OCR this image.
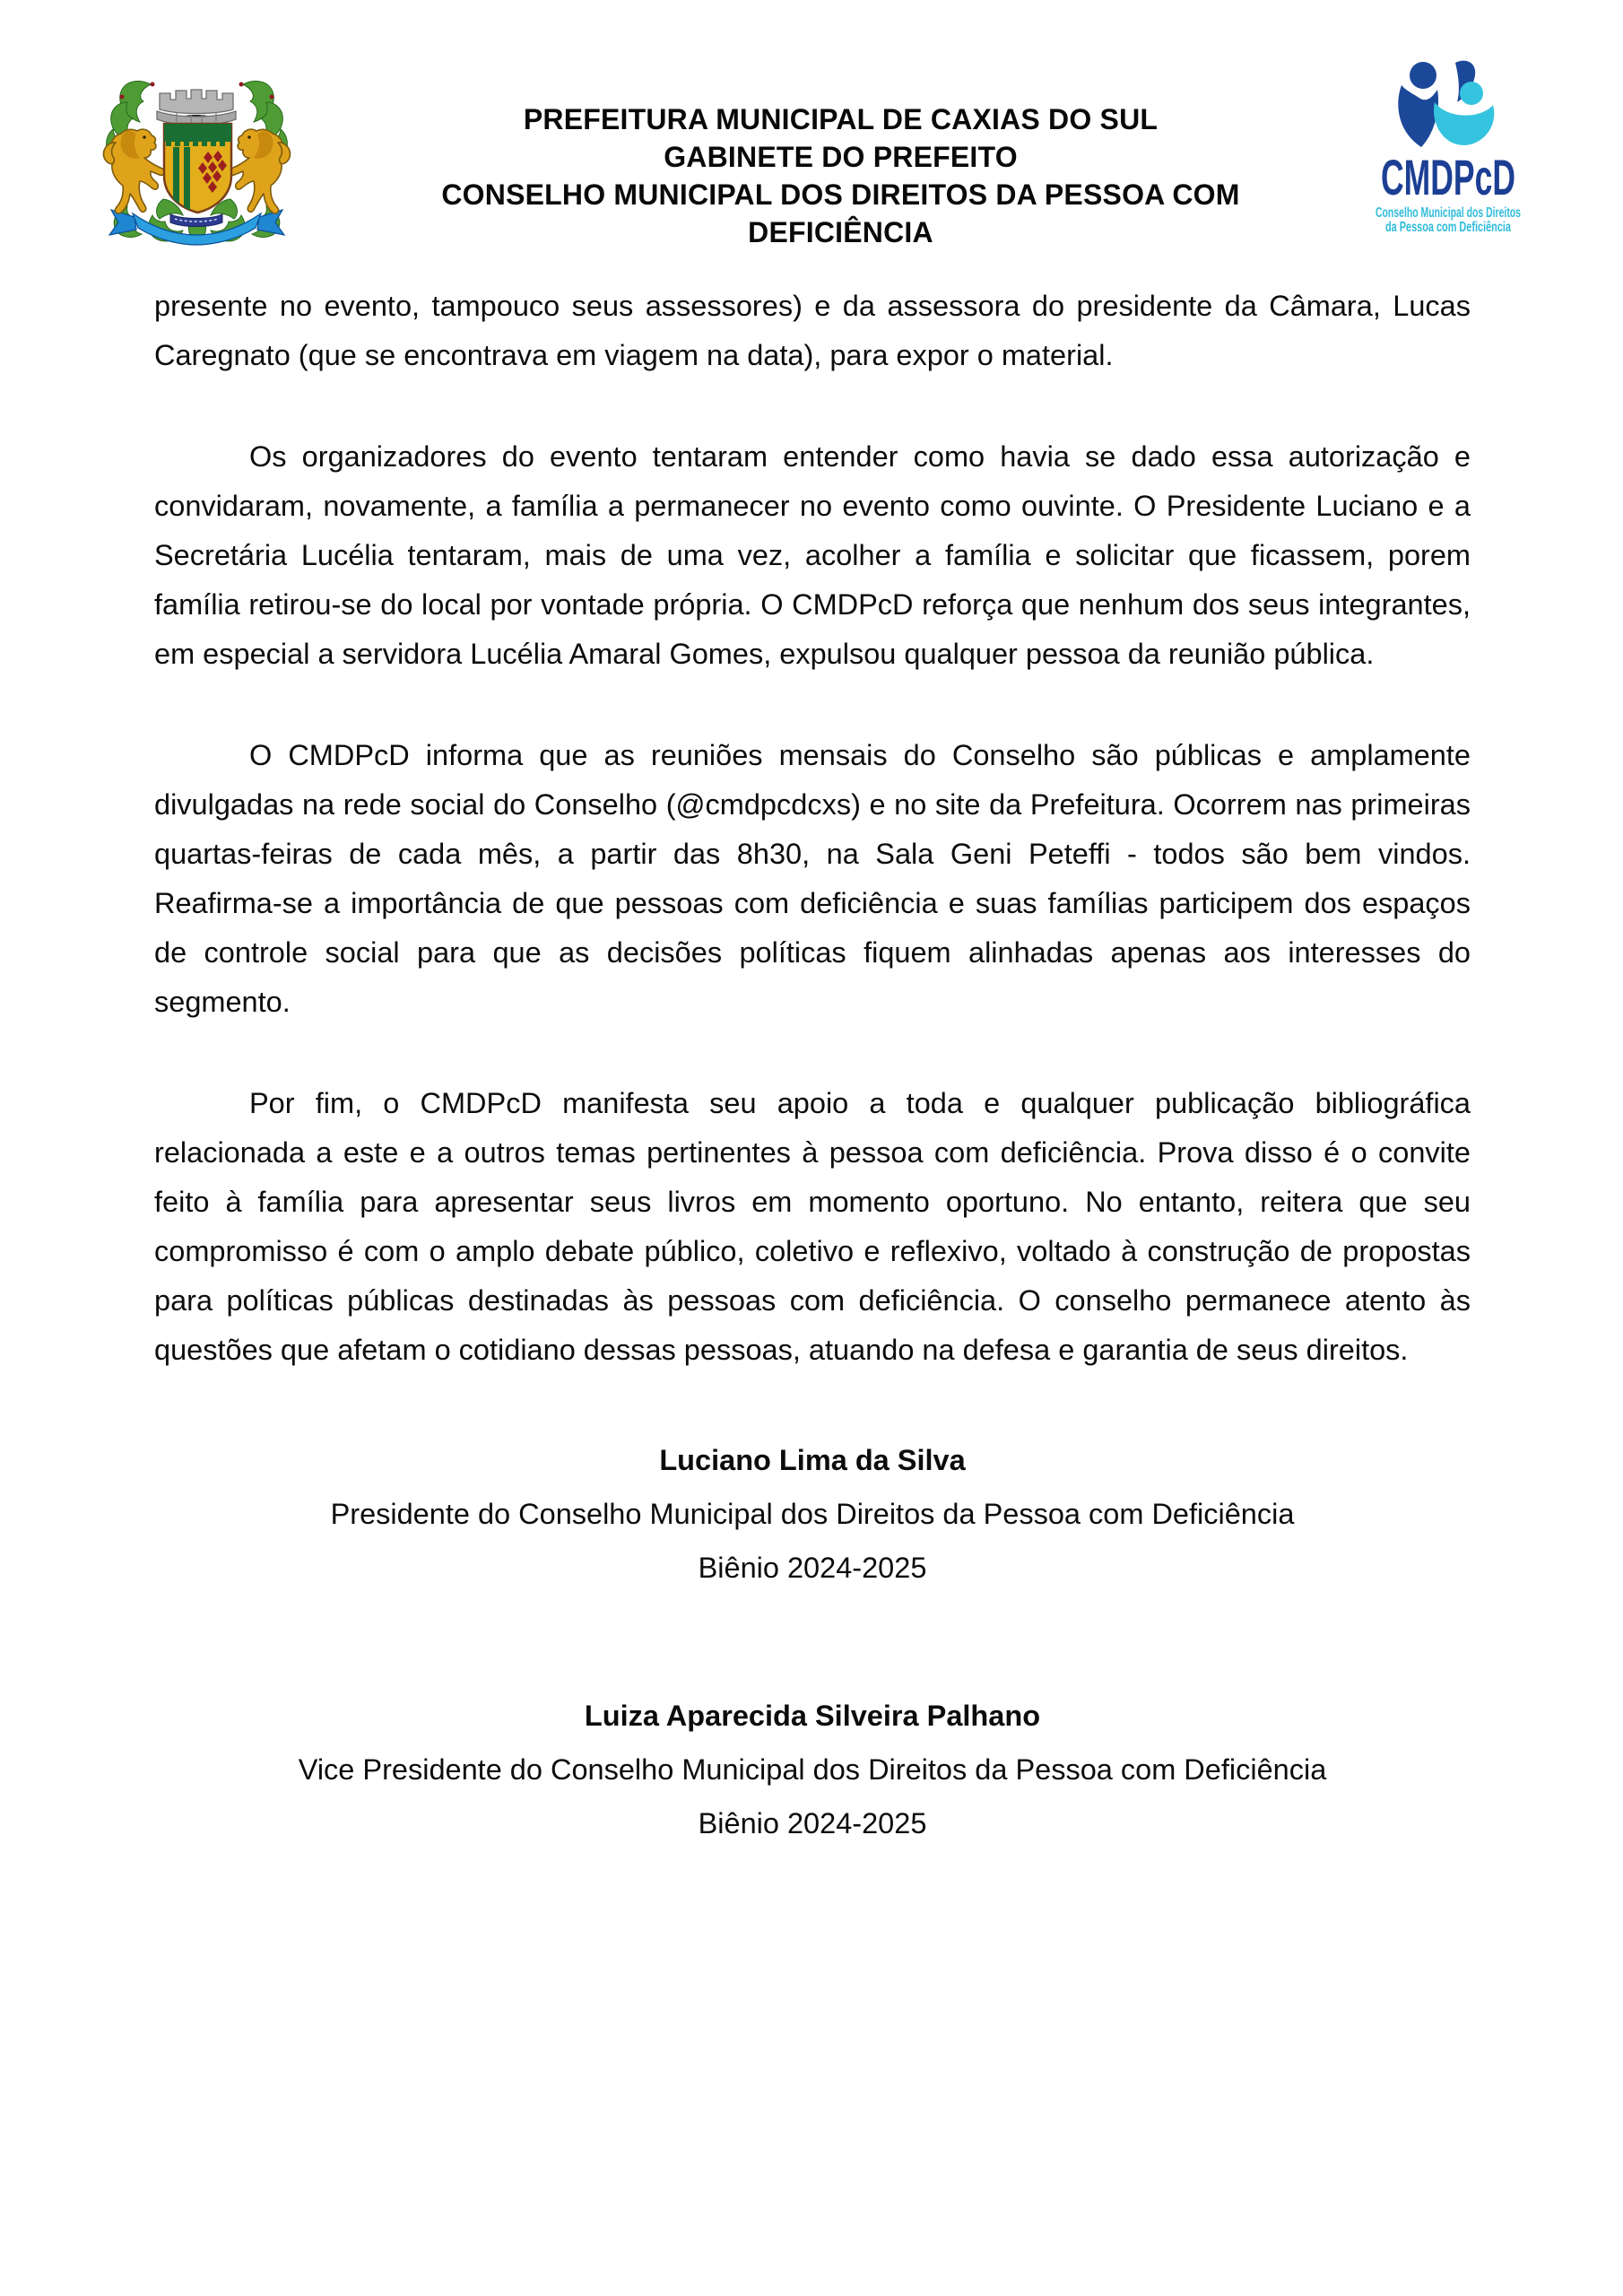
PREFEITURA MUNICIPAL DE CAXIAS DO SUL
GABINETE DO PREFEITO
CONSELHO MUNICIPAL DOS DIREITOS DA PESSOA COM
DEFICIÊNCIA
CMDPcD
Conselho Municipal dos Direitos
da Pessoa com Deficiência

presente no evento, tampouco seus assessores) e da assessora do presidente da Câmara, Lucas Caregnato (que se encontrava em viagem na data), para expor o material.

Os organizadores do evento tentaram entender como havia se dado essa autorização e convidaram, novamente, a família a permanecer no evento como ouvinte. O Presidente Luciano e a Secretária Lucélia tentaram, mais de uma vez, acolher a família e solicitar que ficassem, porem família retirou-se do local por vontade própria. O CMDPcD reforça que nenhum dos seus integrantes, em especial a servidora Lucélia Amaral Gomes, expulsou qualquer pessoa da reunião pública.

O CMDPcD informa que as reuniões mensais do Conselho são públicas e amplamente divulgadas na rede social do Conselho (@cmdpcdcxs) e no site da Prefeitura. Ocorrem nas primeiras quartas-feiras de cada mês, a partir das 8h30, na Sala Geni Peteffi - todos são bem vindos. Reafirma-se a importância de que pessoas com deficiência e suas famílias participem dos espaços de controle social para que as decisões políticas fiquem alinhadas apenas aos interesses do segmento.

Por fim, o CMDPcD manifesta seu apoio a toda e qualquer publicação bibliográfica relacionada a este e a outros temas pertinentes à pessoa com deficiência. Prova disso é o convite feito à família para apresentar seus livros em momento oportuno. No entanto, reitera que seu compromisso é com o amplo debate público, coletivo e reflexivo, voltado à construção de propostas para políticas públicas destinadas às pessoas com deficiência. O conselho permanece atento às questões que afetam o cotidiano dessas pessoas, atuando na defesa e garantia de seus direitos.

Luciano Lima da Silva
Presidente do Conselho Municipal dos Direitos da Pessoa com Deficiência
Biênio 2024-2025
Luiza Aparecida Silveira Palhano
Vice Presidente do Conselho Municipal dos Direitos da Pessoa com Deficiência
Biênio 2024-2025
